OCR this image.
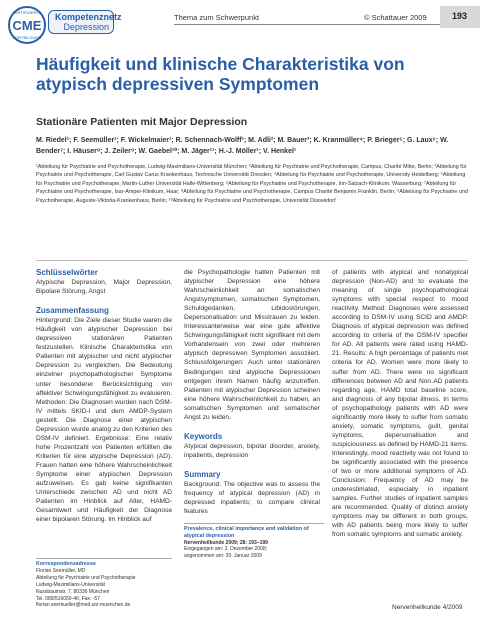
ZERTIFIZIERTE
CME
FORTBILDUNG
Kompetenznetz
Depression
Thema zum Schwerpunkt	© Schattauer 2009	193
Häufigkeit und klinische Charakteristika von atypisch depressiven Symptomen
Stationäre Patienten mit Major Depression
M. Riedel¹; F. Seemüller¹; F. Wickelmaier¹; R. Schennach-Wolff¹; M. Adli²; M. Bauer³; K. Kranmüller⁴; P. Brieger⁵; G. Laux⁶; W. Bender⁷; I. Häuser⁸; J. Zeiler⁹; W. Gaebel¹⁰; M. Jäger¹¹; H.-J. Möller¹; V. Henkel¹
¹Abteilung für Psychiatrie und Psychotherapie, Ludwig-Maximilians-Universität München; ²Abteilung für Psychiatrie und Psychotherapie, Campus, Charité Mitte, Berlin; ³Abteilung für Psychiatrie und Psychotherapie, Carl Gustav Carus Krankenhaus, Technische Universität Dresden; ⁴Abteilung für Psychiatrie und Psychotherapie, University Heidelberg; ⁵Abteilung für Psychiatrie und Psychotherapie, Martin-Luther Universität Halle-Wittenberg; ⁶Abteilung für Psychiatrie und Psychotherapie, Inn-Salzach-Klinikum, Wasserburg; ⁷Abteilung für Psychiatrie und Psychotherapie, Isar-Amper-Klinikum, Haar; ⁸Abteilung für Psychiatrie und Psychotherapie, Campus Charité Benjamin Franklin, Berlin; ⁹Abteilung für Psychiatrie und Psychotherapie, Auguste-Viktoria-Krankenhaus, Berlin; ¹⁰Abteilung für Psychiatrie und Psychotherapie, Universität Düsseldorf
Schlüsselwörter
Atypische Depression, Major Depression, Bipolare Störung, Angst
Zusammenfassung
Hintergrund: Die Ziele dieser Studie waren die Häufigkeit von atypischer Depression bei depressiven stationären Patienten festzustellen. Klinische Charakteristika von Patienten mit atypischer und nicht atypischer Depression zu vergleichen. Die Bedeutung einzelner psychopathologischer Symptome unter besonderer Berücksichtigung von affektiver Schwingungsfähigkeit zu evaluieren. Methoden: Die Diagnosen wurden nach DSM-IV mittels SKID-I und dem AMDP-System gestellt. Die Diagnose einer atypischen Depression wurde analog zu den Kriterien des DSM-IV definiert. Ergebnisse: Eine relativ hohe Prozentzahl von Patienten erfüllten die Kriterien für eine atypische Depression (AD). Frauen hatten eine höhere Wahrscheinlichkeit Symptome einer atypischen Depression aufzuweisen. Es gab keine signifikanten Unterschiede zwischen AD und nicht AD Patienten im Hinblick auf Alter, HAMD-Gesamtwert und Häufigkeit der Diagnose einer bipolaren Störung. Im Hinblick auf
Korrespondenzadresse
Florian Seemüller, MD
Abteilung für Psychiatrie und Psychotherapie
Ludwig-Maximilians-Universität
Nussbaumstr. 7, 80336 München
Tel. 089/516050-46; Fax: -57
florian.seemueller@med.uni-muenchen.de
die Psychopathologie hatten Patienten mit atypischer Depression eine höhere Wahrscheinlichkeit an somatischen Angstsymptomen, somatischen Symptomen, Schuldgedanken, Libidostörungen, Depersonalisation und Misstrauen zu leiden. Interessanterweise war eine gute affektive Schwingungsfähigkeit nicht signifikant mit dem Vorhandensein von zwei oder mehreren atypisch depressiven Symptomen assoziiert. Schlussfolgerungen: Auch unter stationären Bedingungen sind atypische Depressionen entgegen ihrem Namen häufig anzutreffen. Patienten mit atypischer Depression scheinen eine höhere Wahrscheinlichkeit zu haben, an somatischen Symptomen und somatischer Angst zu leiden.
Keywords
Atypical depression, bipolar disorder, anxiety, inpatients, depression
Summary
Background: The objective was to assess the frequency of atypical depression (AD) in depressed inpatients; to compare clinical features
Prevalence, clinical importance and validation of atypical depression
Nervenheilkunde 2009; 28: 193–199
Eingegangen am: 3. Dezember 2008;
angenommen am: 20. Januar 2009
of patients with atypical and nonatypical depression (Non-AD) and to evaluate the meaning of single psychopathological symptoms with special respect to mood reactivity. Method: Diagnoses were assessed according to DSM-IV using SCID and AMDP. Diagnosis of atypical depression was defined according to criteria of the DSM-IV specifier for AD. All patients were rated using HAMD-21. Results: A high percentage of patients met criteria for AD. Women were more likely to suffer from AD. There were no significant differences between AD and Non AD patients regarding age, HAMD total baseline score, and diagnosis of any bipolar illness. In terms of psychopathology patients with AD were significantly more likely to suffer from somatic anxiety, somatic symptoms, guilt, genital symptoms, depersonalisation and suspiciousness as defined by HAMD-21 items. Interestingly, mood reactivity was not found to be significantly associated with the presence of two or more additional symptoms of AD. Conclusion: Frequency of AD may be underestimated, especially in inpatient samples. Further studies of inpatient samples are recommended. Quality of distinct anxiety symptoms may be different in both groups, with AD patients being more likely to suffer from somatic symptoms and somatic anxiety.
Nervenheilkunde 4/2009
